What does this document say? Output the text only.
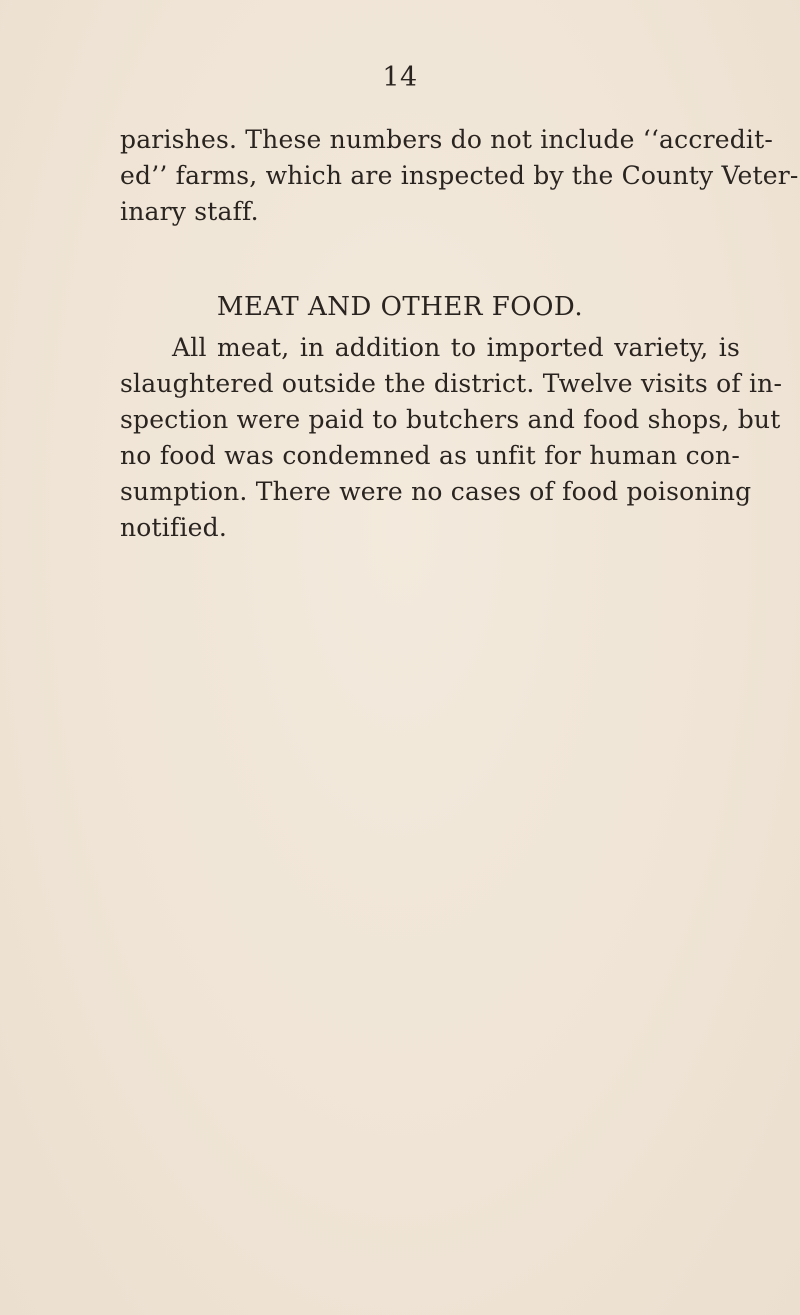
14
parishes. These numbers do not include ‘‘accredit-
ed’’ farms, which are inspected by the County Veter-
inary staff.
MEAT AND OTHER FOOD.
All meat, in addition to imported variety, is
slaughtered outside the district. Twelve visits of in-
spection were paid to butchers and food shops, but
no food was condemned as unfit for human con-
sumption. There were no cases of food poisoning
notified.
